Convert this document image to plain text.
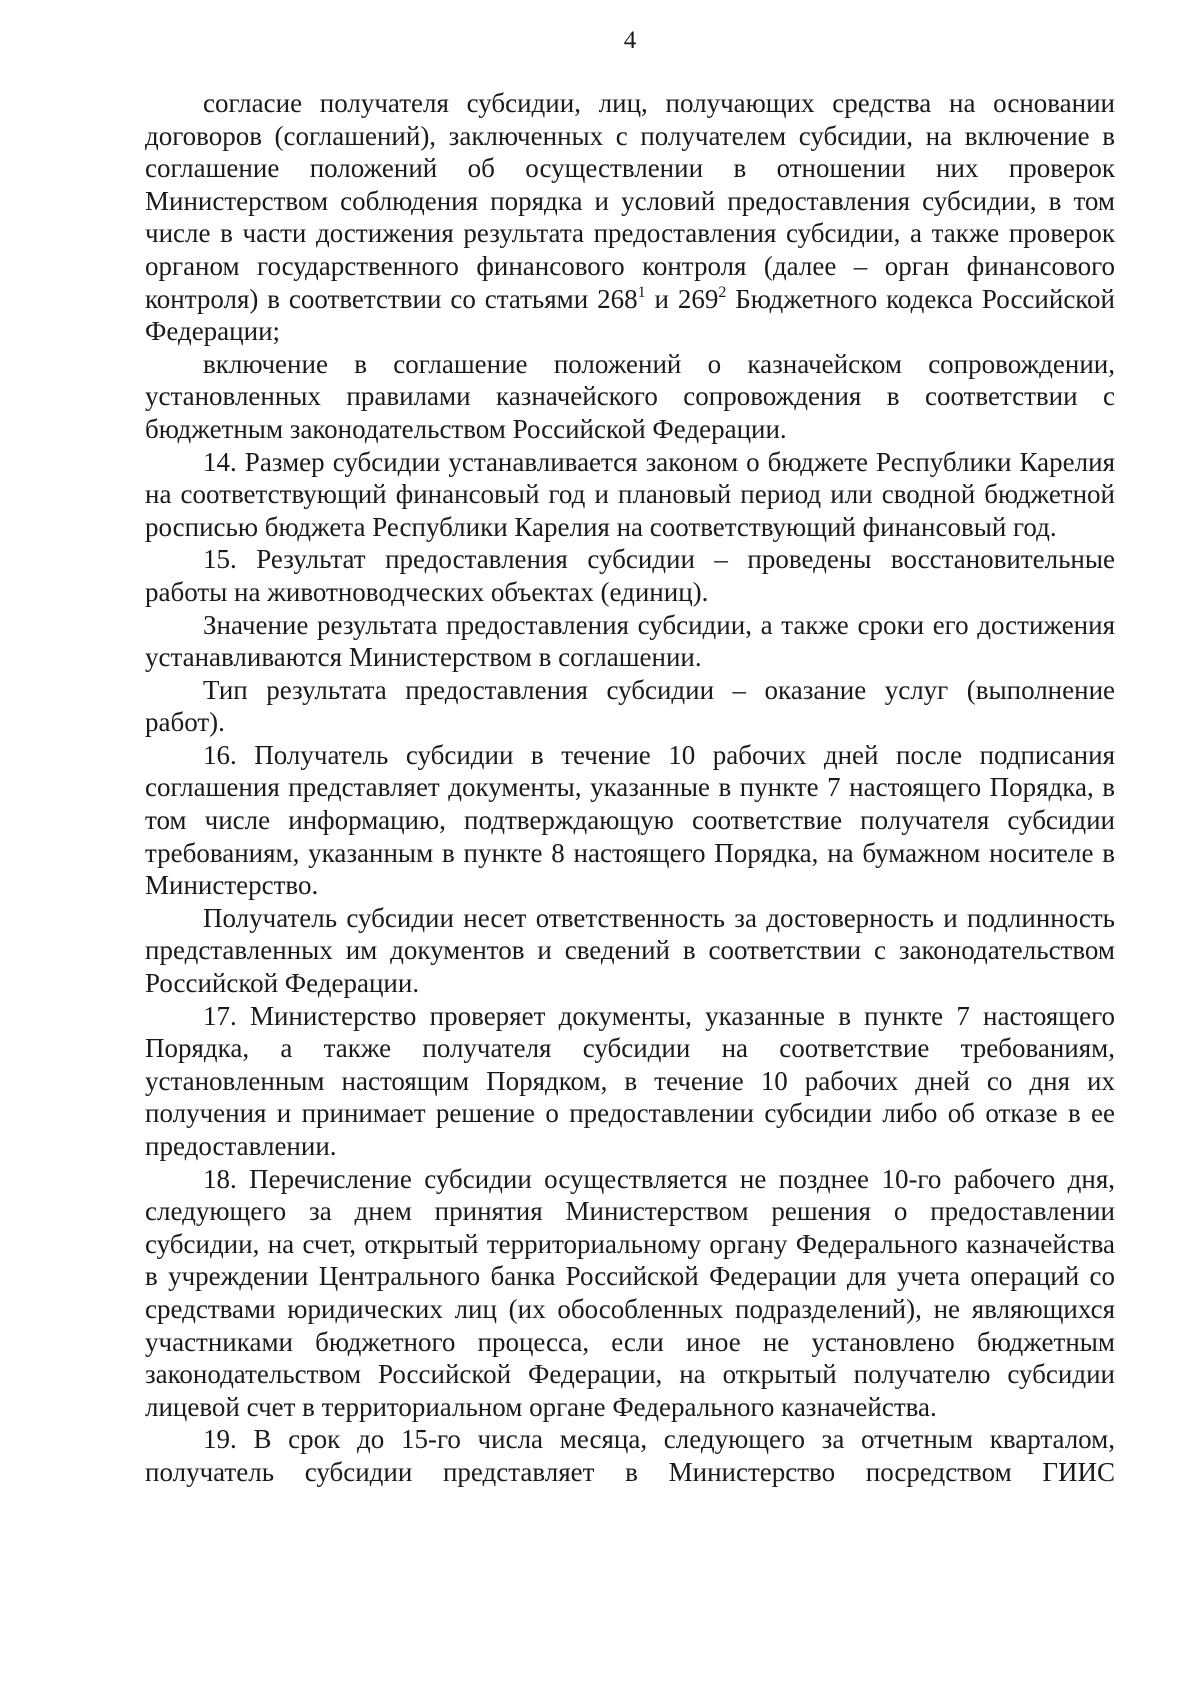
4

согласие получателя субсидии, лиц, получающих средства на основании договоров (соглашений), заключенных с получателем субсидии, на включение в соглашение положений об осуществлении в отношении них проверок Министерством соблюдения порядка и условий предоставления субсидии, в том числе в части достижения результата предоставления субсидии, а также проверок органом государственного финансового контроля (далее – орган финансового контроля) в соответствии со статьями $268^1$ и $269^2$ Бюджетного кодекса Российской Федерации;

включение в соглашение положений о казначейском сопровождении, установленных правилами казначейского сопровождения в соответствии с бюджетным законодательством Российской Федерации.

14. Размер субсидии устанавливается законом о бюджете Республики Карелия на соответствующий финансовый год и плановый период или сводной бюджетной росписью бюджета Республики Карелия на соответствующий финансовый год.

15. Результат предоставления субсидии – проведены восстановительные работы на животноводческих объектах (единиц).

Значение результата предоставления субсидии, а также сроки его достижения устанавливаются Министерством в соглашении.

Тип результата предоставления субсидии – оказание услуг (выполнение работ).

16. Получатель субсидии в течение 10 рабочих дней после подписания соглашения представляет документы, указанные в пункте 7 настоящего Порядка, в том числе информацию, подтверждающую соответствие получателя субсидии требованиям, указанным в пункте 8 настоящего Порядка, на бумажном носителе в Министерство.

Получатель субсидии несет ответственность за достоверность и подлинность представленных им документов и сведений в соответствии с законодательством Российской Федерации.

17. Министерство проверяет документы, указанные в пункте 7 настоящего Порядка, а также получателя субсидии на соответствие требованиям, установленным настоящим Порядком, в течение 10 рабочих дней со дня их получения и принимает решение о предоставлении субсидии либо об отказе в ее предоставлении.

18. Перечисление субсидии осуществляется не позднее 10-го рабочего дня, следующего за днем принятия Министерством решения о предоставлении субсидии, на счет, открытый территориальному органу Федерального казначейства в учреждении Центрального банка Российской Федерации для учета операций со средствами юридических лиц (их обособленных подразделений), не являющихся участниками бюджетного процесса, если иное не установлено бюджетным законодательством Российской Федерации, на открытый получателю субсидии лицевой счет в территориальном органе Федерального казначейства.

19. В срок до 15-го числа месяца, следующего за отчетным кварталом, получатель субсидии представляет в Министерство посредством ГИИС
